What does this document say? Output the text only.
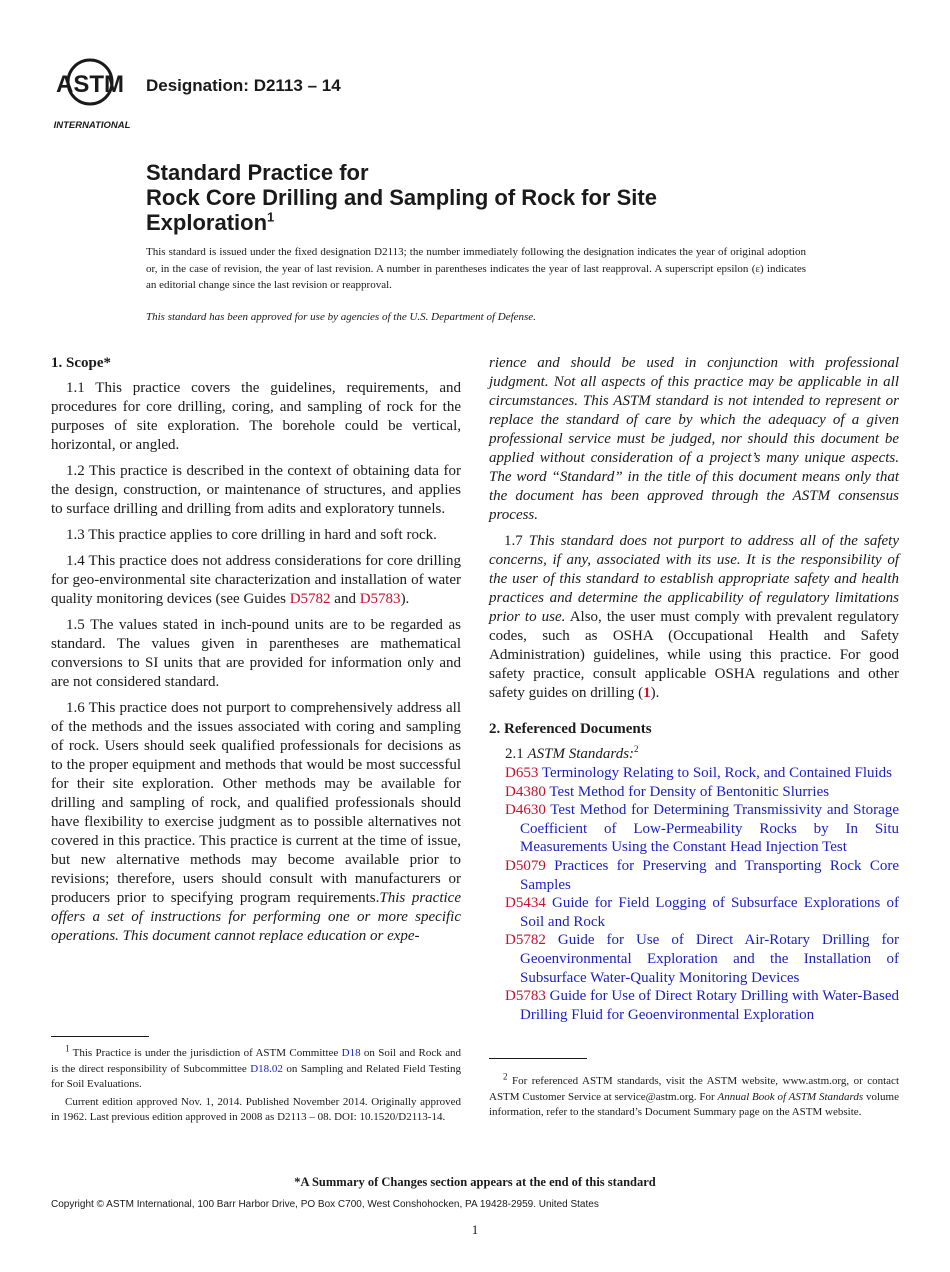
ASTM
INTERNATIONAL
Designation: D2113 – 14
Standard Practice for
Rock Core Drilling and Sampling of Rock for Site
Exploration$^1$
This standard is issued under the fixed designation D2113; the number immediately following the designation indicates the year of original adoption or, in the case of revision, the year of last revision. A number in parentheses indicates the year of last reapproval. A superscript epsilon (ε) indicates an editorial change since the last revision or reapproval.
This standard has been approved for use by agencies of the U.S. Department of Defense.
1. Scope*

1.1 This practice covers the guidelines, requirements, and procedures for core drilling, coring, and sampling of rock for the purposes of site exploration. The borehole could be vertical, horizontal, or angled.

1.2 This practice is described in the context of obtaining data for the design, construction, or maintenance of structures, and applies to surface drilling and drilling from adits and exploratory tunnels.

1.3 This practice applies to core drilling in hard and soft rock.

1.4 This practice does not address considerations for core drilling for geo-environmental site characterization and installation of water quality monitoring devices (see Guides D5782 and D5783).

1.5 The values stated in inch-pound units are to be regarded as standard. The values given in parentheses are mathematical conversions to SI units that are provided for information only and are not considered standard.

1.6 This practice does not purport to comprehensively address all of the methods and the issues associated with coring and sampling of rock. Users should seek qualified professionals for decisions as to the proper equipment and methods that would be most successful for their site exploration. Other methods may be available for drilling and sampling of rock, and qualified professionals should have flexibility to exercise judgment as to possible alternatives not covered in this practice. This practice is current at the time of issue, but new alternative methods may become available prior to revisions; therefore, users should consult with manufacturers or producers prior to specifying program requirements.This practice offers a set of instructions for performing one or more specific operations. This document cannot replace education or expe-

$^1$ This Practice is under the jurisdiction of ASTM Committee D18 on Soil and Rock and is the direct responsibility of Subcommittee D18.02 on Sampling and Related Field Testing for Soil Evaluations.

Current edition approved Nov. 1, 2014. Published November 2014. Originally approved in 1962. Last previous edition approved in 2008 as D2113 – 08. DOI: 10.1520/D2113-14.

rience and should be used in conjunction with professional judgment. Not all aspects of this practice may be applicable in all circumstances. This ASTM standard is not intended to represent or replace the standard of care by which the adequacy of a given professional service must be judged, nor should this document be applied without consideration of a project’s many unique aspects. The word “Standard” in the title of this document means only that the document has been approved through the ASTM consensus process.

1.7 This standard does not purport to address all of the safety concerns, if any, associated with its use. It is the responsibility of the user of this standard to establish appropriate safety and health practices and determine the applicability of regulatory limitations prior to use. Also, the user must comply with prevalent regulatory codes, such as OSHA (Occupational Health and Safety Administration) guidelines, while using this practice. For good safety practice, consult applicable OSHA regulations and other safety guides on drilling (1).

2. Referenced Documents
2.1 ASTM Standards:$^2$
D653 Terminology Relating to Soil, Rock, and Contained Fluids
D4380 Test Method for Density of Bentonitic Slurries
D4630 Test Method for Determining Transmissivity and Storage Coefficient of Low-Permeability Rocks by In Situ Measurements Using the Constant Head Injection Test
D5079 Practices for Preserving and Transporting Rock Core Samples
D5434 Guide for Field Logging of Subsurface Explorations of Soil and Rock
D5782 Guide for Use of Direct Air-Rotary Drilling for Geoenvironmental Exploration and the Installation of Subsurface Water-Quality Monitoring Devices
D5783 Guide for Use of Direct Rotary Drilling with Water-Based Drilling Fluid for Geoenvironmental Exploration

$^2$ For referenced ASTM standards, visit the ASTM website, www.astm.org, or contact ASTM Customer Service at service@astm.org. For Annual Book of ASTM Standards volume information, refer to the standard’s Document Summary page on the ASTM website.

*A Summary of Changes section appears at the end of this standard
Copyright © ASTM International, 100 Barr Harbor Drive, PO Box C700, West Conshohocken, PA 19428-2959. United States
1
